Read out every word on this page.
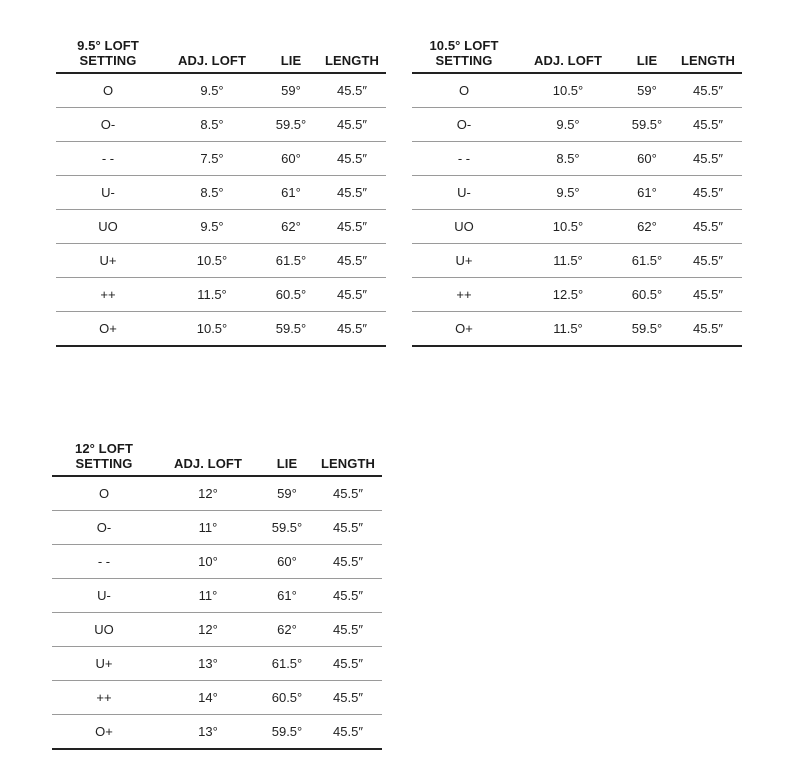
9.5° LOFT
SETTING	ADJ. LOFT	LIE	LENGTH
O	9.5°	59°	45.5″
O-	8.5°	59.5°	45.5″
- -	7.5°	60°	45.5″
U-	8.5°	61°	45.5″
UO	9.5°	62°	45.5″
U+	10.5°	61.5°	45.5″
++	11.5°	60.5°	45.5″
O+	10.5°	59.5°	45.5″
10.5° LOFT
SETTING	ADJ. LOFT	LIE	LENGTH
O	10.5°	59°	45.5″
O-	9.5°	59.5°	45.5″
- -	8.5°	60°	45.5″
U-	9.5°	61°	45.5″
UO	10.5°	62°	45.5″
U+	11.5°	61.5°	45.5″
++	12.5°	60.5°	45.5″
O+	11.5°	59.5°	45.5″
12° LOFT
SETTING	ADJ. LOFT	LIE	LENGTH
O	12°	59°	45.5″
O-	11°	59.5°	45.5″
- -	10°	60°	45.5″
U-	11°	61°	45.5″
UO	12°	62°	45.5″
U+	13°	61.5°	45.5″
++	14°	60.5°	45.5″
O+	13°	59.5°	45.5″
